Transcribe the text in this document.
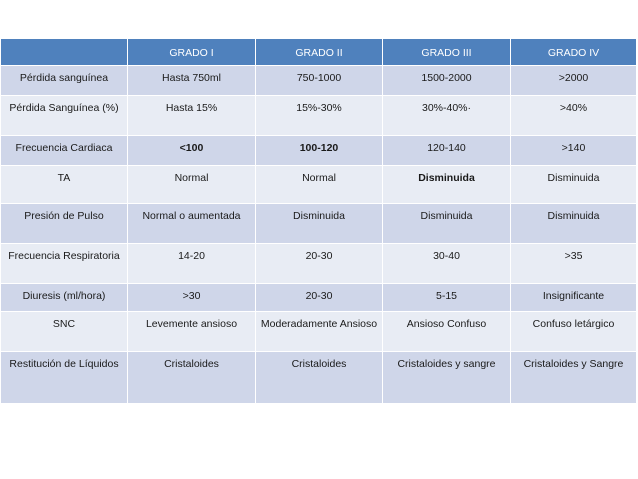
	GRADO I	GRADO II	GRADO III	GRADO IV
Pérdida sanguínea	Hasta 750ml	750-1000	1500-2000	>2000
Pérdida Sanguínea (%)	Hasta 15%	15%-30%	30%-40%·	>40%
Frecuencia Cardiaca	<100	100-120	120-140	>140
TA	Normal	Normal	Disminuida	Disminuida
Presión de Pulso	Normal o aumentada	Disminuida	Disminuida	Disminuida
Frecuencia Respiratoria	14-20	20-30	30-40	>35
Diuresis (ml/hora)	>30	20-30	5-15	Insignificante
SNC	Levemente ansioso	Moderadamente Ansioso	Ansioso Confuso	Confuso letárgico
Restitución de Líquidos	Cristaloides	Cristaloides	Cristaloides y sangre	Cristaloides y Sangre
